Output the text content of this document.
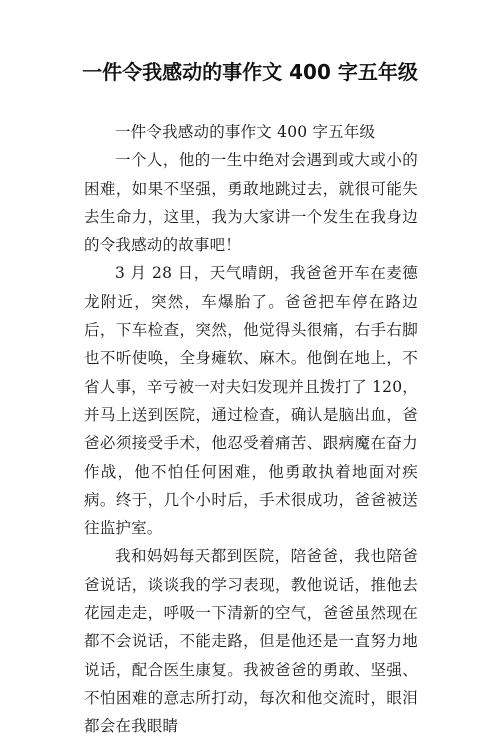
一件令我感动的事作文 400 字五年级

一件令我感动的事作文 400 字五年级

一个人，他的一生中绝对会遇到或大或小的困难，如果不坚强，勇敢地跳过去，就很可能失去生命力，这里，我为大家讲一个发生在我身边的令我感动的故事吧！

3 月 28 日，天气晴朗，我爸爸开车在麦德龙附近，突然，车爆胎了。爸爸把车停在路边后，下车检查，突然，他觉得头很痛，右手右脚也不听使唤，全身瘫软、麻木。他倒在地上，不省人事，辛亏被一对夫妇发现并且拨打了 120，并马上送到医院，通过检查，确认是脑出血，爸爸必须接受手术，他忍受着痛苦、跟病魔在奋力作战，他不怕任何困难，他勇敢执着地面对疾病。终于，几个小时后，手术很成功，爸爸被送往监护室。

我和妈妈每天都到医院，陪爸爸，我也陪爸爸说话，谈谈我的学习表现，教他说话，推他去花园走走，呼吸一下清新的空气，爸爸虽然现在都不会说话，不能走路，但是他还是一直努力地说话，配合医生康复。我被爸爸的勇敢、坚强、不怕困难的意志所打动，每次和他交流时，眼泪都会在我眼睛
